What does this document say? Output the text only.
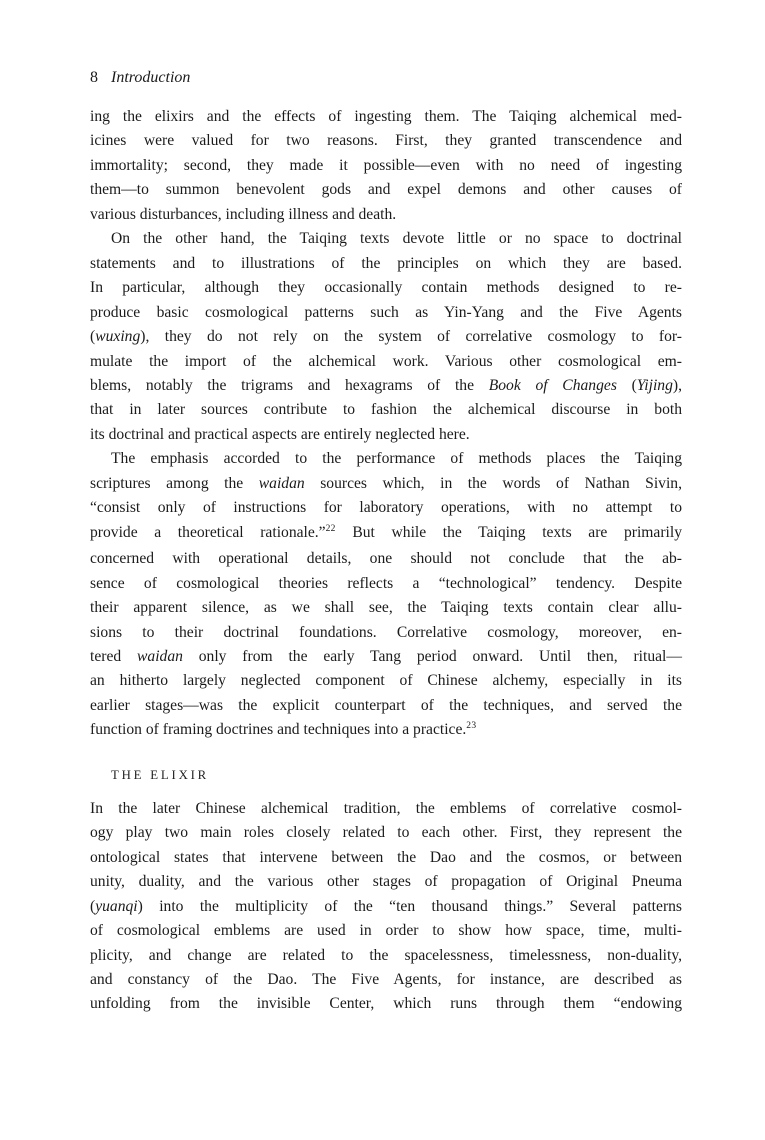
8 Introduction
ing the elixirs and the effects of ingesting them. The Taiqing alchemical med-
icines were valued for two reasons. First, they granted transcendence and
immortality; second, they made it possible—even with no need of ingesting
them—to summon benevolent gods and expel demons and other causes of
various disturbances, including illness and death.
On the other hand, the Taiqing texts devote little or no space to doctrinal
statements and to illustrations of the principles on which they are based.
In particular, although they occasionally contain methods designed to re-
produce basic cosmological patterns such as Yin-Yang and the Five Agents
(wuxing), they do not rely on the system of correlative cosmology to for-
mulate the import of the alchemical work. Various other cosmological em-
blems, notably the trigrams and hexagrams of the Book of Changes (Yijing),
that in later sources contribute to fashion the alchemical discourse in both
its doctrinal and practical aspects are entirely neglected here.
The emphasis accorded to the performance of methods places the Taiqing
scriptures among the waidan sources which, in the words of Nathan Sivin,
“consist only of instructions for laboratory operations, with no attempt to
provide a theoretical rationale.”$^{22}$ But while the Taiqing texts are primarily
concerned with operational details, one should not conclude that the ab-
sence of cosmological theories reflects a “technological” tendency. Despite
their apparent silence, as we shall see, the Taiqing texts contain clear allu-
sions to their doctrinal foundations. Correlative cosmology, moreover, en-
tered waidan only from the early Tang period onward. Until then, ritual—
an hitherto largely neglected component of Chinese alchemy, especially in its
earlier stages—was the explicit counterpart of the techniques, and served the
function of framing doctrines and techniques into a practice.$^{23}$
THE ELIXIR
In the later Chinese alchemical tradition, the emblems of correlative cosmol-
ogy play two main roles closely related to each other. First, they represent the
ontological states that intervene between the Dao and the cosmos, or between
unity, duality, and the various other stages of propagation of Original Pneuma
(yuanqi) into the multiplicity of the “ten thousand things.” Several patterns
of cosmological emblems are used in order to show how space, time, multi-
plicity, and change are related to the spacelessness, timelessness, non-duality,
and constancy of the Dao. The Five Agents, for instance, are described as
unfolding from the invisible Center, which runs through them “endowing
